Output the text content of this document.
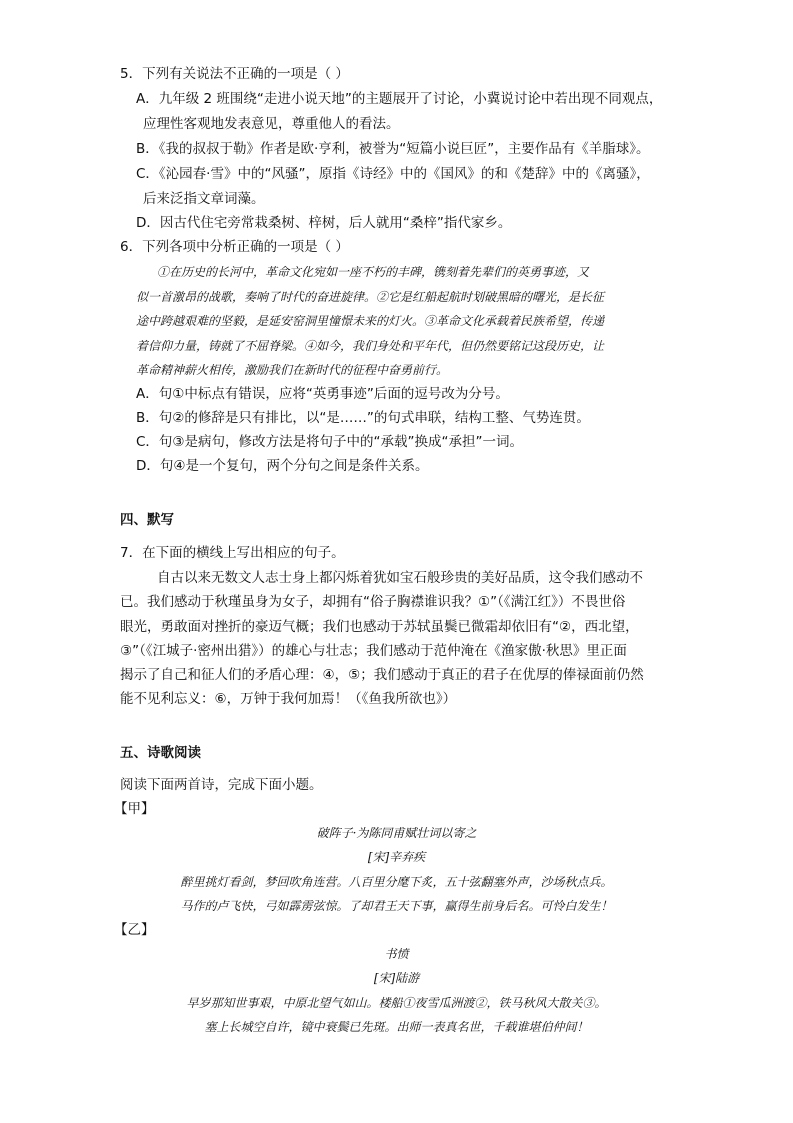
5．下列有关说法不正确的一项是（ ）
A．九年级 2 班围绕“走进小说天地”的主题展开了讨论，小冀说讨论中若出现不同观点，
应理性客观地发表意见，尊重他人的看法。
B．《我的叔叔于勒》作者是欧·亨利，被誉为“短篇小说巨匠”，主要作品有《羊脂球》。
C．《沁园春·雪》中的“风骚”，原指《诗经》中的《国风》的和《楚辞》中的《离骚》，
后来泛指文章词藻。
D．因古代住宅旁常栽桑树、梓树，后人就用“桑梓”指代家乡。
6．下列各项中分析正确的一项是（ ）
①在历史的长河中，革命文化宛如一座不朽的丰碑，镌刻着先辈们的英勇事迹，又
似一首激昂的战歌，奏响了时代的奋进旋律。②它是红船起航时划破黑暗的曙光，是长征
途中跨越艰难的坚毅，是延安窑洞里憧憬未来的灯火。③革命文化承载着民族希望，传递
着信仰力量，铸就了不屈脊梁。④如今，我们身处和平年代，但仍然要铭记这段历史，让
革命精神薪火相传，激励我们在新时代的征程中奋勇前行。
A．句①中标点有错误，应将“英勇事迹”后面的逗号改为分号。
B．句②的修辞是只有排比，以“是……”的句式串联，结构工整、气势连贯。
C．句③是病句，修改方法是将句子中的“承载”换成“承担”一词。
D．句④是一个复句，两个分句之间是条件关系。
四、默写
7．在下面的横线上写出相应的句子。
自古以来无数文人志士身上都闪烁着犹如宝石般珍贵的美好品质，这令我们感动不
已。我们感动于秋瑾虽身为女子，却拥有“俗子胸襟谁识我？①”（《满江红》）不畏世俗
眼光，勇敢面对挫折的豪迈气概；我们也感动于苏轼虽鬓已微霜却依旧有“②，西北望，
③”（《江城子·密州出猎》）的雄心与壮志；我们感动于范仲淹在《渔家傲·秋思》里正面
揭示了自己和征人们的矛盾心理：④，⑤；我们感动于真正的君子在优厚的俸禄面前仍然
能不见利忘义：⑥，万钟于我何加焉！（《鱼我所欲也》）
五、诗歌阅读
阅读下面两首诗，完成下面小题。
【甲】
破阵子·为陈同甫赋壮词以寄之
[宋]辛弃疾
醉里挑灯看剑，梦回吹角连营。八百里分麾下炙，五十弦翻塞外声，沙场秋点兵。
马作的卢飞快，弓如霹雳弦惊。了却君王天下事，赢得生前身后名。可怜白发生！
【乙】
书愤
[宋]陆游
早岁那知世事艰，中原北望气如山。楼船①夜雪瓜洲渡②，铁马秋风大散关③。
塞上长城空自许，镜中衰鬓已先斑。出师一表真名世，千载谁堪伯仲间！
